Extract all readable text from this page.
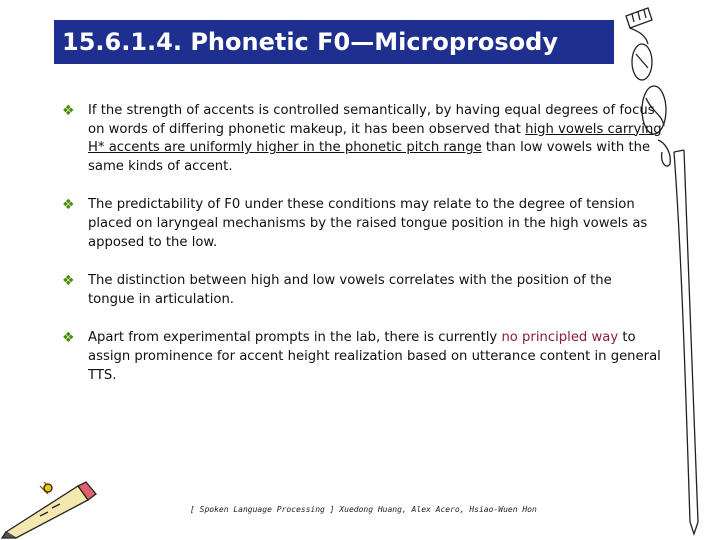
15.6.1.4. Phonetic F0—Microprosody
❖ If the strength of accents is controlled semantically, by having equal degrees of focus on words of differing phonetic makeup, it has been observed that high vowels carrying H* accents are uniformly higher in the phonetic pitch range than low vowels with the same kinds of accent.
❖ The predictability of F0 under these conditions may relate to the degree of tension placed on laryngeal mechanisms by the raised tongue position in the high vowels as apposed to the low.
❖ The distinction between high and low vowels correlates with the position of the tongue in articulation.
❖ Apart from experimental prompts in the lab, there is currently no principled way to assign prominence for accent height realization based on utterance content in general TTS.
[ Spoken Language Processing ] Xuedong Huang, Alex Acero, Hsiao-Wuen Hon
